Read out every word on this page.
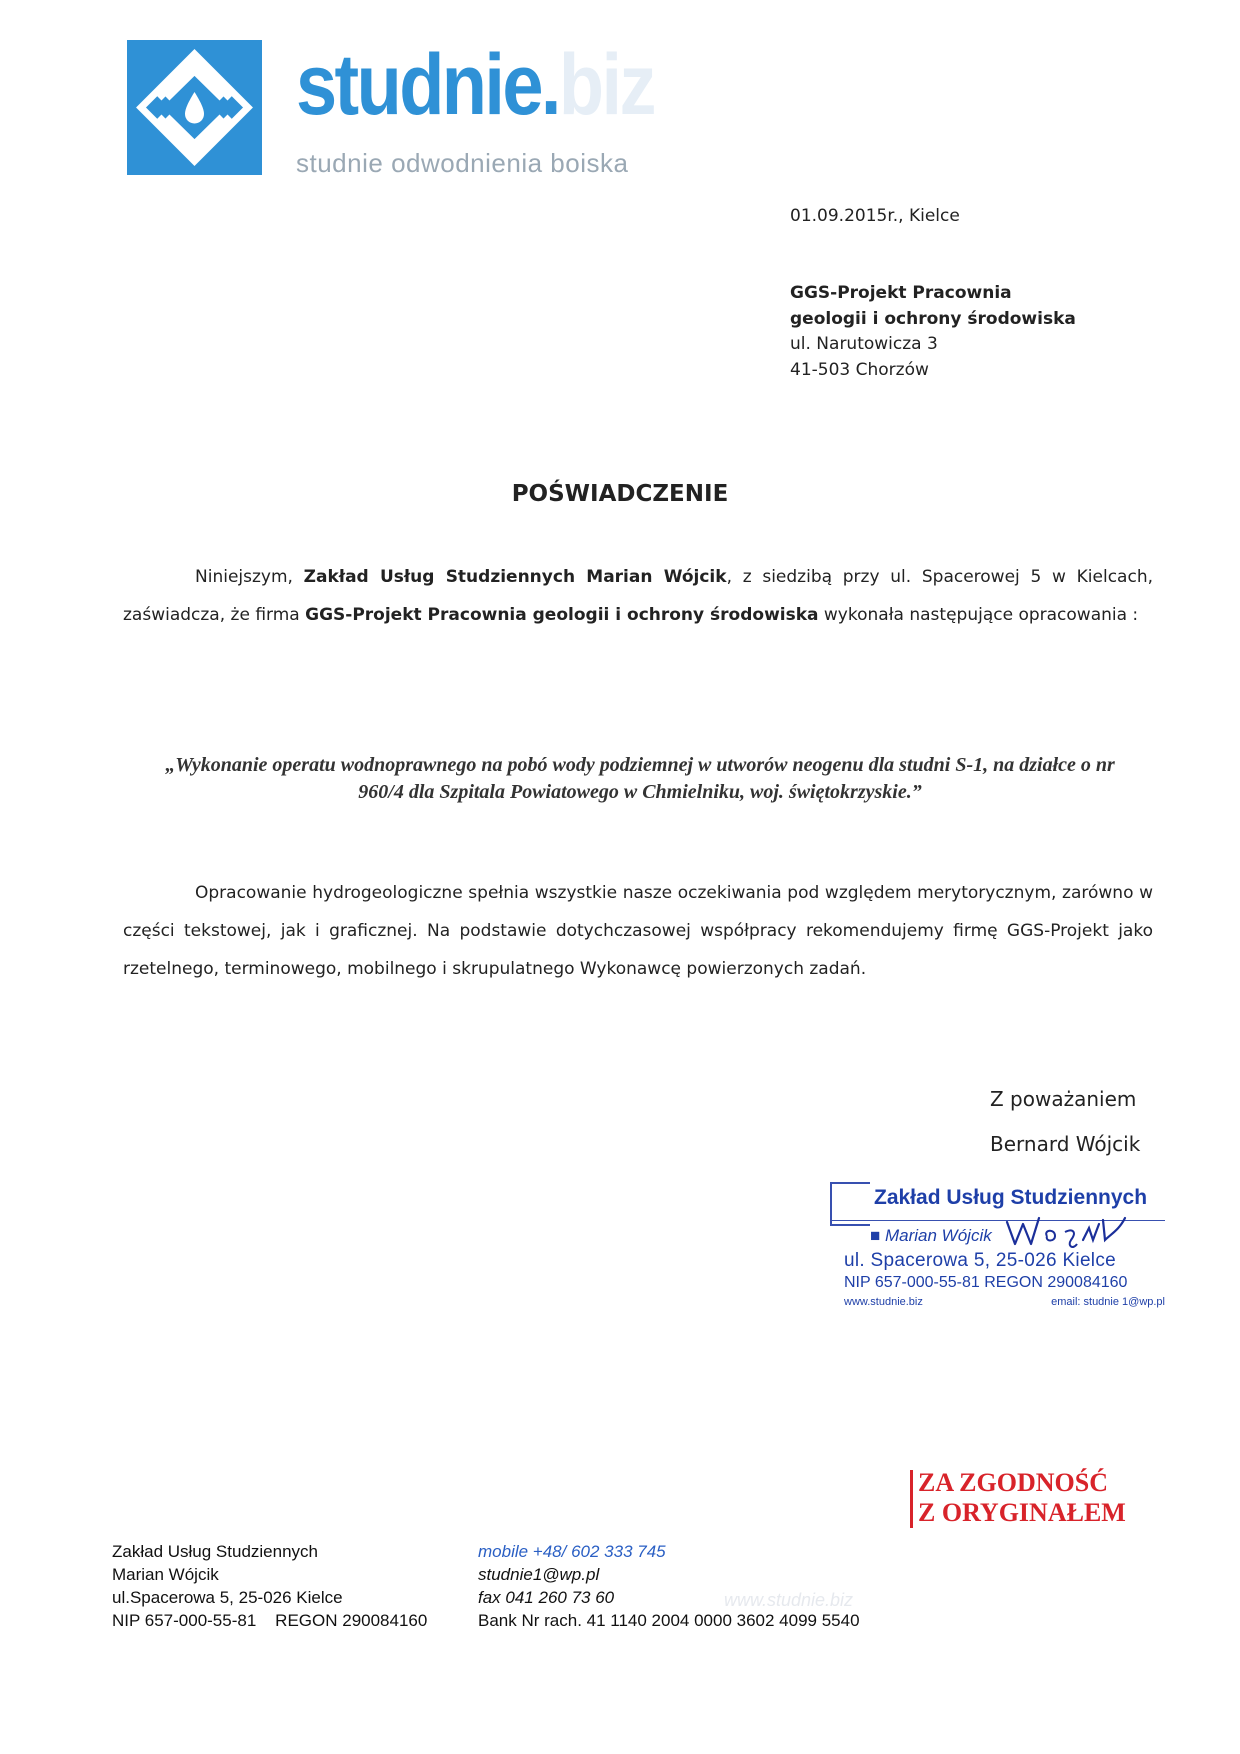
studnie.biz
studnie odwodnienia boiska
01.09.2015r., Kielce
GGS-Projekt Pracownia
geologii i ochrony środowiska
ul. Narutowicza 3
41-503 Chorzów
POŚWIADCZENIE
Niniejszym, Zakład Usług Studziennych Marian Wójcik, z siedzibą przy ul. Spacerowej 5 w Kielcach, zaświadcza, że firma GGS-Projekt Pracownia geologii i ochrony środowiska wykonała następujące opracowania :
„Wykonanie operatu wodnoprawnego na pobó wody podziemnej w utworów neogenu dla studni S-1, na działce o nr 960/4 dla Szpitala Powiatowego w Chmielniku, woj. świętokrzyskie.”
Opracowanie hydrogeologiczne spełnia wszystkie nasze oczekiwania pod względem merytorycznym, zarówno w części tekstowej, jak i graficznej. Na podstawie dotychczasowej współpracy rekomendujemy firmę GGS-Projekt jako rzetelnego, terminowego, mobilnego i skrupulatnego Wykonawcę powierzonych zadań.
Z poważaniem
Bernard Wójcik
Zakład Usług Studziennych
■ Marian Wójcik
ul. Spacerowa 5, 25-026 Kielce
NIP 657-000-55-81 REGON 290084160
www.studnie.biz	email: studnie 1@wp.pl
ZA ZGODNOŚĆ
Z ORYGINAŁEM
Zakład Usług Studziennych
Marian Wójcik
ul.Spacerowa 5, 25-026 Kielce
NIP 657-000-55-81    REGON 290084160
mobile +48/ 602 333 745
studnie1@wp.pl
fax 041 260 73 60
Bank Nr rach. 41 1140 2004 0000 3602 4099 5540
www.studnie.biz
